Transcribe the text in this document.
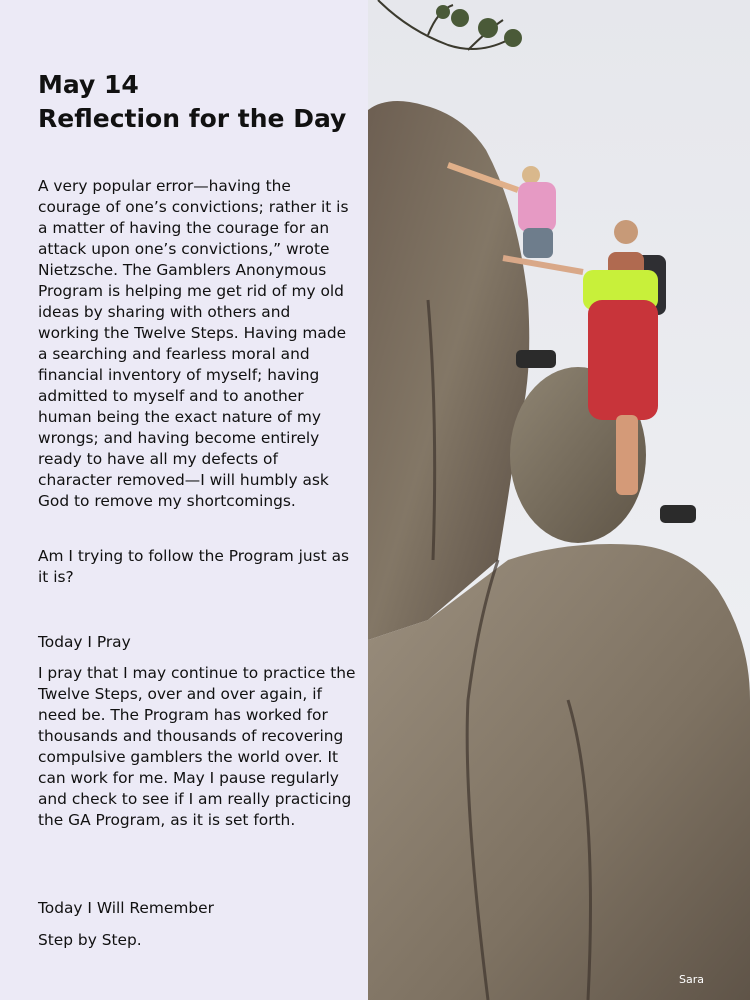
May 14
Reflection for the Day
A very popular error—having the courage of one’s convictions; rather it is a matter of having the courage for an attack upon one’s convictions,” wrote Nietzsche. The Gamblers Anonymous Program is helping me get rid of my old ideas by sharing with others and working the Twelve Steps. Having made a searching and fearless moral and financial inventory of myself; having admitted to myself and to another human being the exact nature of my wrongs; and having become entirely ready to have all my defects of character removed—I will humbly ask God to remove my shortcomings.
Am I trying to follow the Program just as it is?
Today I Pray
I pray that I may continue to practice the Twelve Steps, over and over again, if need be. The Program has worked for thousands and thousands of recovering compulsive gamblers the world over. It can work for me. May I pause regularly and check to see if I am really practicing the GA Program, as it is set forth.
Today I Will Remember
Step by Step.
Sara
